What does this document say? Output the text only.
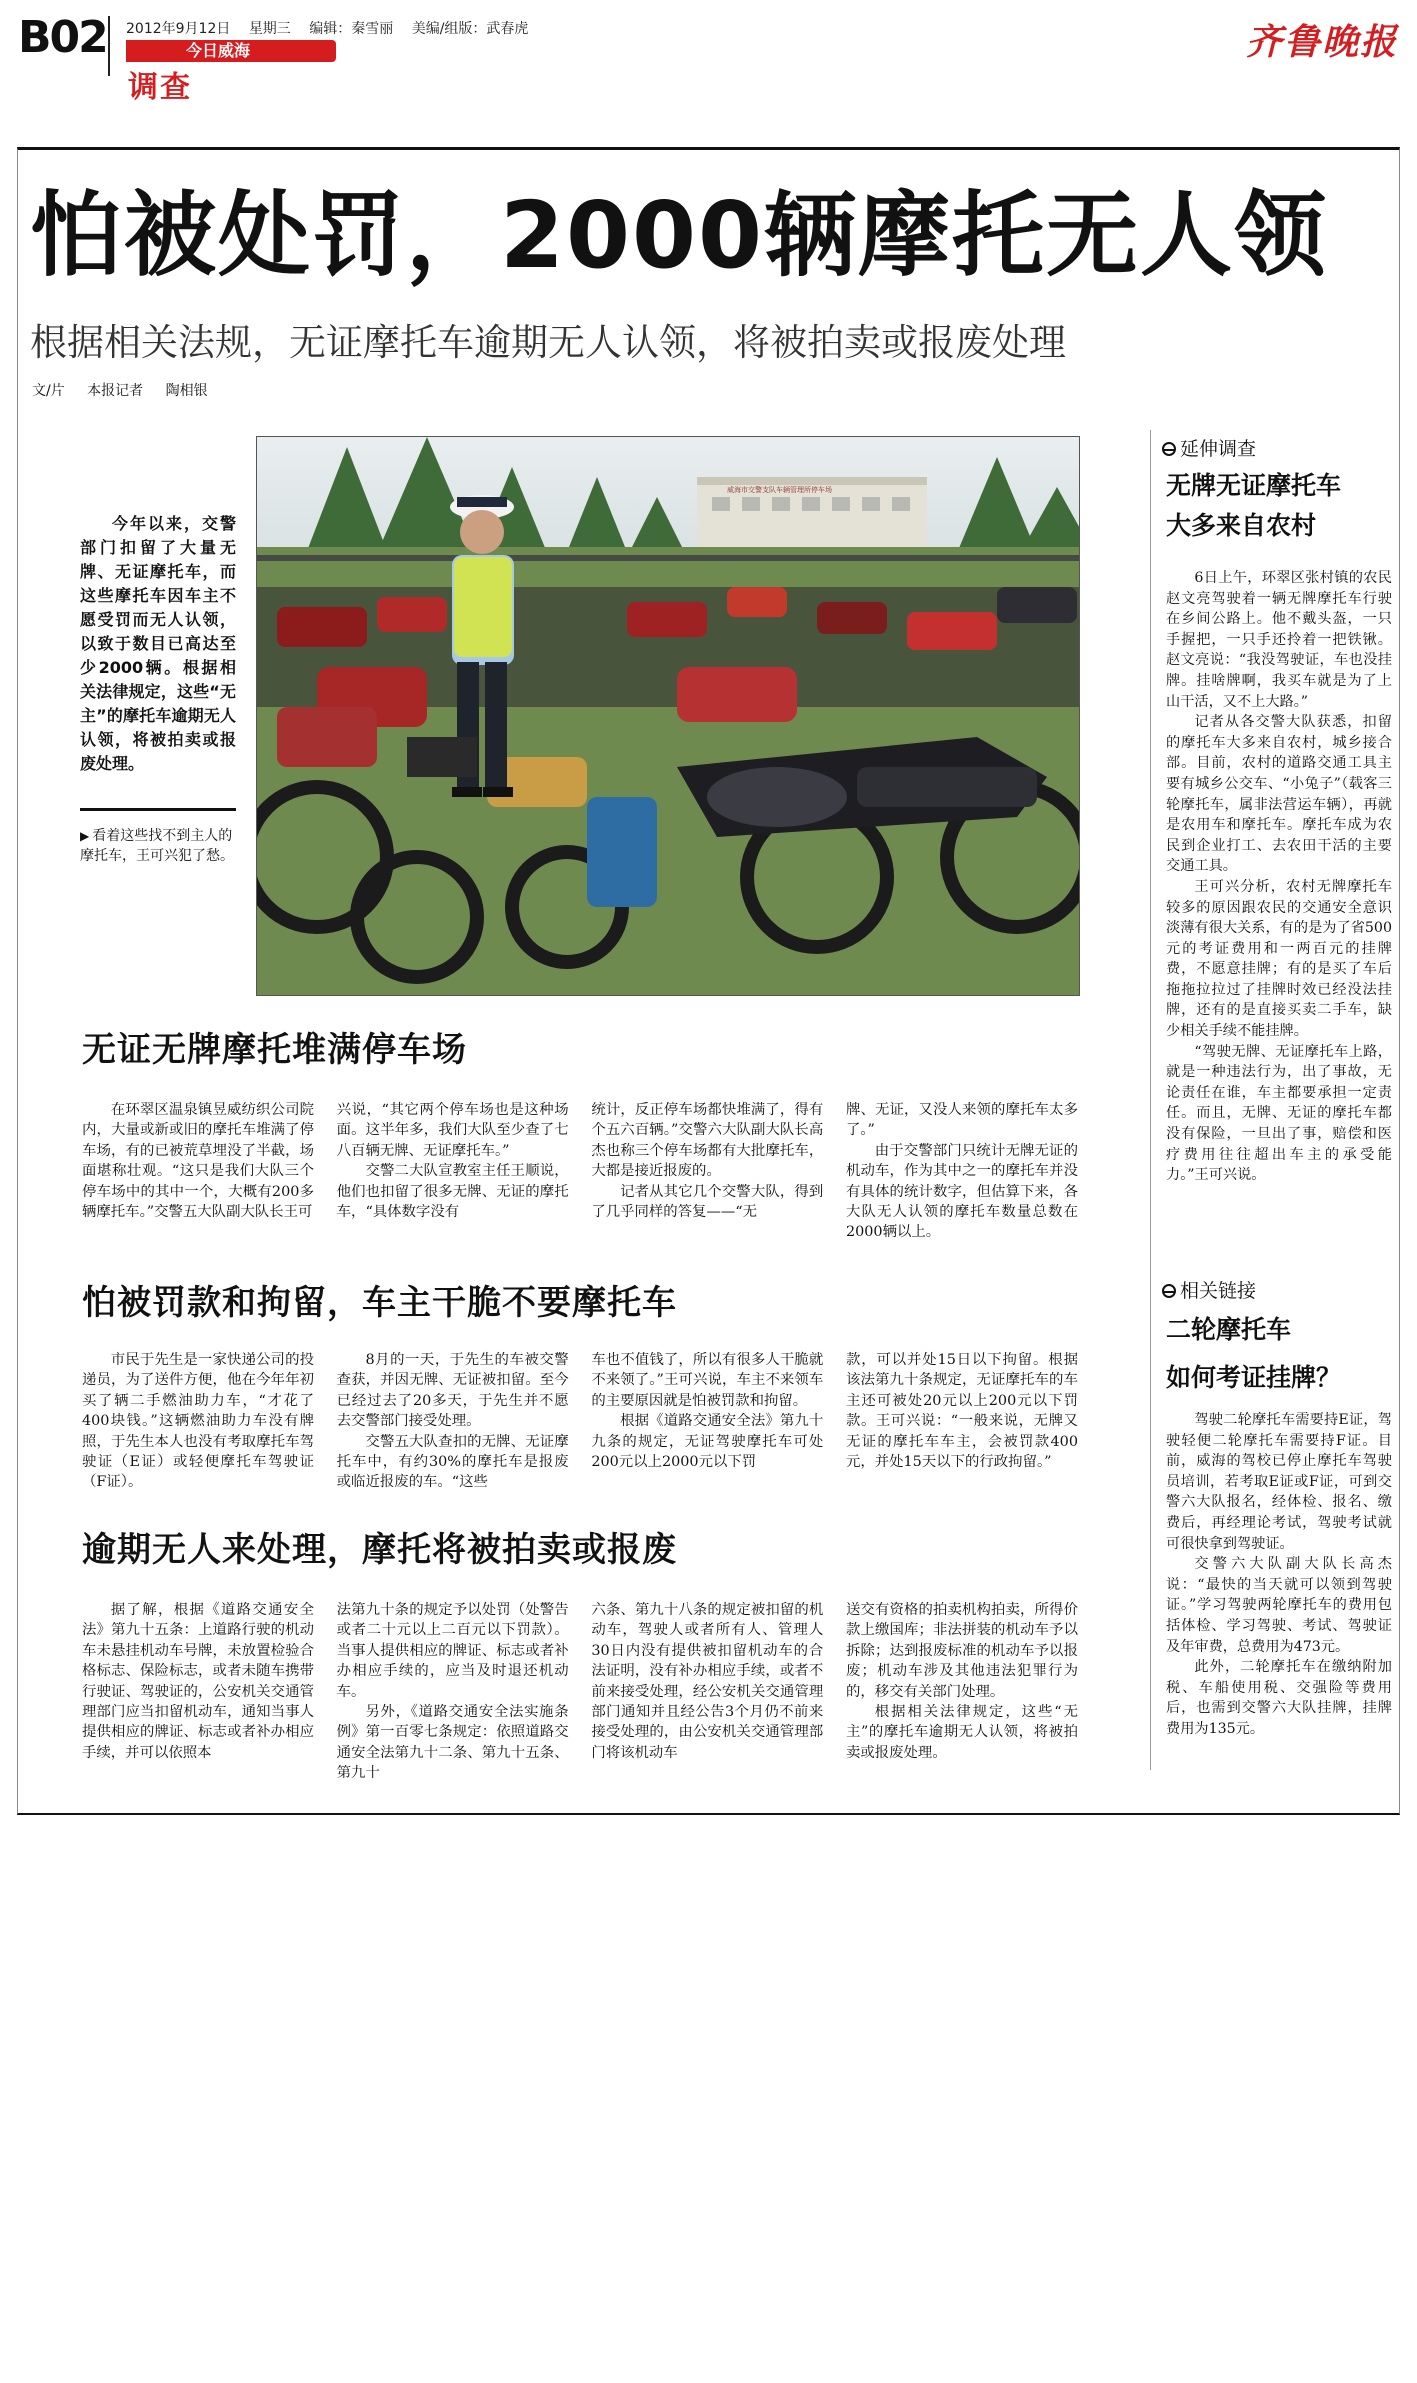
B02 2012年9月12日 星期三 编辑：秦雪丽 美编/组版：武春虎
今日威海
调查
齐鲁晚报
怕被处罚，2000辆摩托无人领
根据相关法规，无证摩托车逾期无人认领，将被拍卖或报废处理
文/片 本报记者 陶相银
今年以来，交警部门扣留了大量无牌、无证摩托车，而这些摩托车因车主不愿受罚而无人认领，以致于数目已高达至少2000辆。根据相关法律规定，这些“无主”的摩托车逾期无人认领，将被拍卖或报废处理。
▶ 看着这些找不到主人的摩托车，王可兴犯了愁。
威海市交警支队车辆管理所停车场
无证无牌摩托堆满停车场

在环翠区温泉镇昱威纺织公司院内，大量或新或旧的摩托车堆满了停车场，有的已被荒草埋没了半截，场面堪称壮观。“这只是我们大队三个停车场中的其中一个，大概有200多辆摩托车。”交警五大队副大队长王可

兴说，“其它两个停车场也是这种场面。这半年多，我们大队至少查了七八百辆无牌、无证摩托车。”

交警二大队宣教室主任王顺说，他们也扣留了很多无牌、无证的摩托车，“具体数字没有

统计，反正停车场都快堆满了，得有个五六百辆。”交警六大队副大队长高杰也称三个停车场都有大批摩托车，大都是接近报废的。

记者从其它几个交警大队，得到了几乎同样的答复——“无

牌、无证，又没人来领的摩托车太多了。”

由于交警部门只统计无牌无证的机动车，作为其中之一的摩托车并没有具体的统计数字，但估算下来，各大队无人认领的摩托车数量总数在2000辆以上。

怕被罚款和拘留，车主干脆不要摩托车

市民于先生是一家快递公司的投递员，为了送件方便，他在今年年初买了辆二手燃油助力车，“才花了400块钱。”这辆燃油助力车没有牌照，于先生本人也没有考取摩托车驾驶证（E证）或轻便摩托车驾驶证（F证）。

8月的一天，于先生的车被交警查获，并因无牌、无证被扣留。至今已经过去了20多天，于先生并不愿去交警部门接受处理。

交警五大队查扣的无牌、无证摩托车中，有约30%的摩托车是报废或临近报废的车。“这些

车也不值钱了，所以有很多人干脆就不来领了。”王可兴说，车主不来领车的主要原因就是怕被罚款和拘留。

根据《道路交通安全法》第九十九条的规定，无证驾驶摩托车可处200元以上2000元以下罚

款，可以并处15日以下拘留。根据该法第九十条规定，无证摩托车的车主还可被处20元以上200元以下罚款。王可兴说：“一般来说，无牌又无证的摩托车车主，会被罚款400元，并处15天以下的行政拘留。”

逾期无人来处理，摩托将被拍卖或报废

据了解，根据《道路交通安全法》第九十五条：上道路行驶的机动车未悬挂机动车号牌，未放置检验合格标志、保险标志，或者未随车携带行驶证、驾驶证的，公安机关交通管理部门应当扣留机动车，通知当事人提供相应的牌证、标志或者补办相应手续，并可以依照本

法第九十条的规定予以处罚（处警告或者二十元以上二百元以下罚款）。当事人提供相应的牌证、标志或者补办相应手续的，应当及时退还机动车。

另外，《道路交通安全法实施条例》第一百零七条规定：依照道路交通安全法第九十二条、第九十五条、第九十

六条、第九十八条的规定被扣留的机动车，驾驶人或者所有人、管理人30日内没有提供被扣留机动车的合法证明，没有补办相应手续，或者不前来接受处理，经公安机关交通管理部门通知并且经公告3个月仍不前来接受处理的，由公安机关交通管理部门将该机动车

送交有资格的拍卖机构拍卖，所得价款上缴国库；非法拼装的机动车予以拆除；达到报废标准的机动车予以报废；机动车涉及其他违法犯罪行为的，移交有关部门处理。

根据相关法律规定，这些“无主”的摩托车逾期无人认领，将被拍卖或报废处理。

延伸调查
无牌无证摩托车
大多来自农村

6日上午，环翠区张村镇的农民赵文亮驾驶着一辆无牌摩托车行驶在乡间公路上。他不戴头盔，一只手握把，一只手还拎着一把铁锹。赵文亮说：“我没驾驶证，车也没挂牌。挂啥牌啊，我买车就是为了上山干活，又不上大路。”

记者从各交警大队获悉，扣留的摩托车大多来自农村，城乡接合部。目前，农村的道路交通工具主要有城乡公交车、“小兔子”（载客三轮摩托车，属非法营运车辆），再就是农用车和摩托车。摩托车成为农民到企业打工、去农田干活的主要交通工具。

王可兴分析，农村无牌摩托车较多的原因跟农民的交通安全意识淡薄有很大关系，有的是为了省500元的考证费用和一两百元的挂牌费，不愿意挂牌；有的是买了车后拖拖拉拉过了挂牌时效已经没法挂牌，还有的是直接买卖二手车，缺少相关手续不能挂牌。

“驾驶无牌、无证摩托车上路，就是一种违法行为，出了事故，无论责任在谁，车主都要承担一定责任。而且，无牌、无证的摩托车都没有保险，一旦出了事，赔偿和医疗费用往往超出车主的承受能力。”王可兴说。

相关链接
二轮摩托车
如何考证挂牌？

驾驶二轮摩托车需要持E证，驾驶轻便二轮摩托车需要持F证。目前，威海的驾校已停止摩托车驾驶员培训，若考取E证或F证，可到交警六大队报名，经体检、报名、缴费后，再经理论考试，驾驶考试就可很快拿到驾驶证。

交警六大队副大队长高杰说：“最快的当天就可以领到驾驶证。”学习驾驶两轮摩托车的费用包括体检、学习驾驶、考试、驾驶证及年审费，总费用为473元。

此外，二轮摩托车在缴纳附加税、车船使用税、交强险等费用后，也需到交警六大队挂牌，挂牌费用为135元。
